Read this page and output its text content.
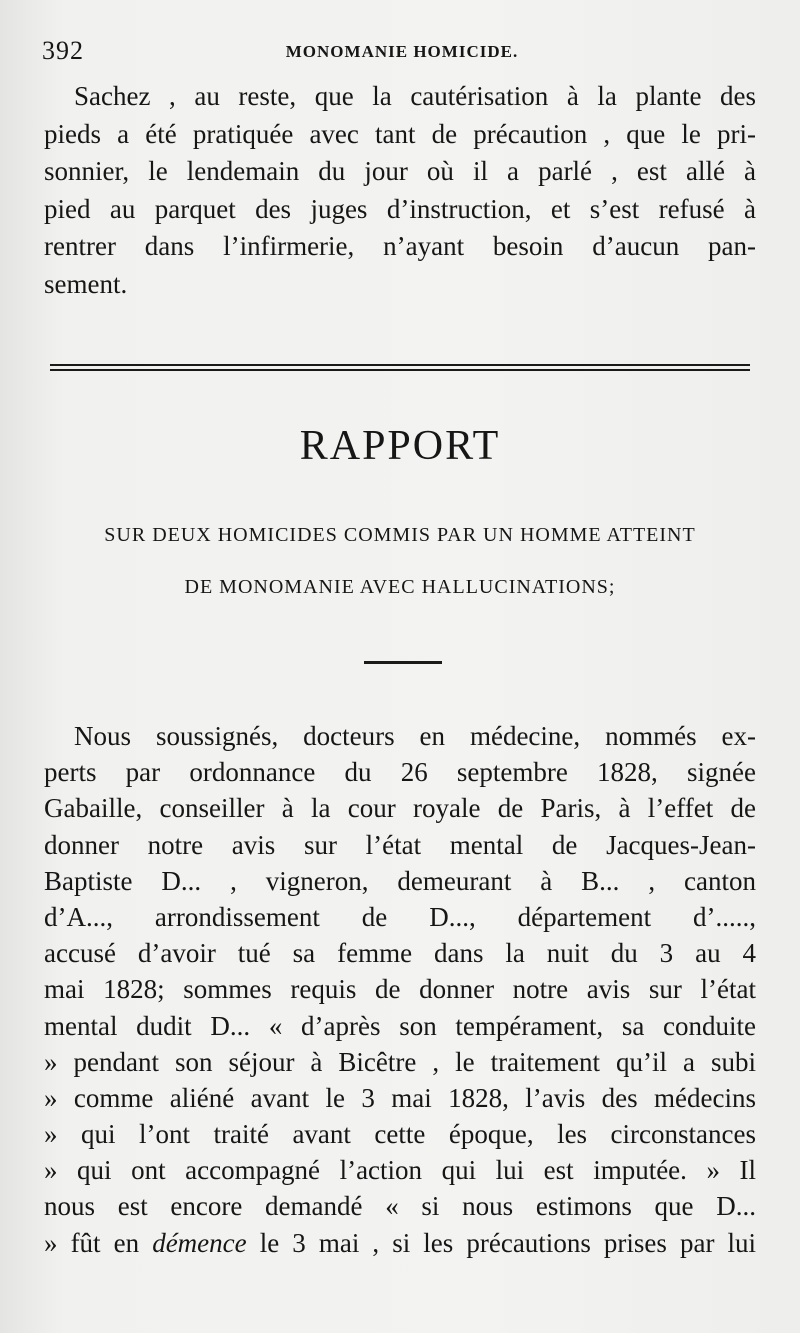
392	MONOMANIE HOMICIDE.
Sachez , au reste, que la cautérisation à la plante des
pieds a été pratiquée avec tant de précaution , que le pri-
sonnier, le lendemain du jour où il a parlé , est allé à
pied au parquet des juges d’instruction, et s’est refusé à
rentrer dans l’infirmerie, n’ayant besoin d’aucun pan-
sement.
RAPPORT
SUR DEUX HOMICIDES COMMIS PAR UN HOMME ATTEINT
DE MONOMANIE AVEC HALLUCINATIONS;
Nous soussignés, docteurs en médecine, nommés ex-
perts par ordonnance du 26 septembre 1828, signée
Gabaille, conseiller à la cour royale de Paris, à l’effet de
donner notre avis sur l’état mental de Jacques-Jean-
Baptiste D... , vigneron, demeurant à B... , canton
d’A..., arrondissement de D..., département d’.....,
accusé d’avoir tué sa femme dans la nuit du 3 au 4
mai 1828; sommes requis de donner notre avis sur l’état
mental dudit D... « d’après son tempérament, sa conduite
» pendant son séjour à Bicêtre , le traitement qu’il a subi
» comme aliéné avant le 3 mai 1828, l’avis des médecins
» qui l’ont traité avant cette époque, les circonstances
» qui ont accompagné l’action qui lui est imputée. » Il
nous est encore demandé « si nous estimons que D...
» fût en démence le 3 mai , si les précautions prises par lui
